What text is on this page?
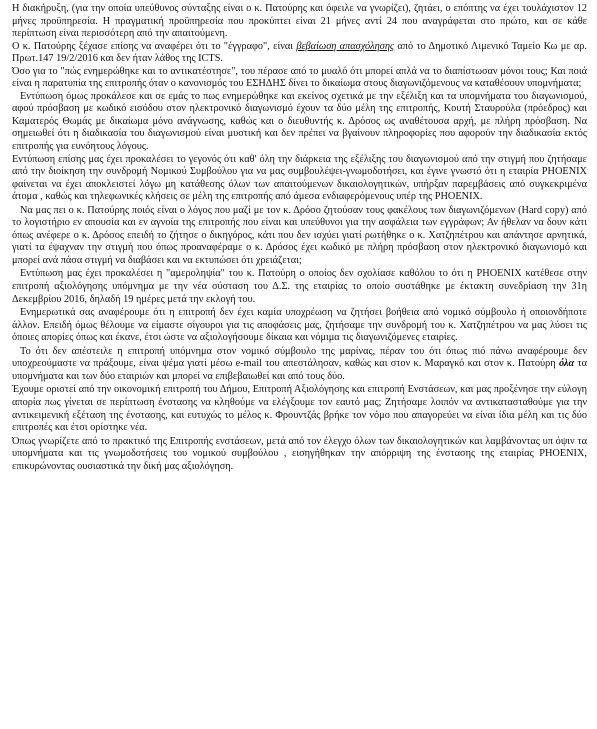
Η διακήρυξη, (για την οποία υπεύθυνος σύνταξης είναι ο κ. Πατούρης και όφειλε να γνωρίζει), ζητάει, ο επόπτης να έχει τουλάχιστον 12 μήνες προϋπηρεσία. Η πραγματική προϋπηρεσία που προκύπτει είναι 21 μήνες αντί 24 που αναγράφεται στο πρώτο, και σε κάθε περίπτωση είναι περισσότερη από την απαιτούμενη.

Ο κ. Πατούρης ξέχασε επίσης να αναφέρει ότι το "έγγραφο", είναι βεβαίωση απασχόλησης από το Δημοτικό Λιμενικό Ταμείο Κω με αρ. Πρωτ.147 19/2/2016 και δεν ήταν λάθος της ICTS.

Όσο για το "πώς ενημερώθηκε και το αντικατέστησε", του πέρασε από το μυαλό ότι μπορεί απλά να το διαπίστωσαν μόνοι τους; Και ποιά είναι η παρατυπία της επιτροπής όταν ο κανονισμός του ΕΣΗΔΗΣ δίνει το δικαίωμα στους διαγωνιζόμενους να καταθέσουν υπομνήματα;

Εντύπωση όμως προκάλεσε και σε εμάς το πως ενημερώθηκε και εκείνος σχετικά με την εξέλιξη και τα υπομνήματα του διαγωνισμού, αφού πρόσβαση με κωδικό εισόδου στον ηλεκτρονικό διαγωνισμό έχουν τα δύο μέλη της επιτροπής, Κουτή Σταυρούλα (πρόεδρος) και Καματερός Θωμάς με δικαίωμα μόνο ανάγνωσης, καθώς και ο διευθυντής κ. Δρόσος ως αναθέτουσα αρχή, με πλήρη πρόσβαση. Να σημειωθεί ότι η διαδικασία του διαγωνισμού είναι μυστική και δεν πρέπει να βγαίνουν πληροφορίες που αφορούν την διαδικασία εκτός επιτροπής για ευνόητους λόγους.

Εντύπωση επίσης μας έχει προκαλέσει το γεγονός ότι καθ' όλη την διάρκεια της εξέλιξης του διαγωνισμού από την στιγμή που ζητήσαμε από την διοίκηση την συνδρομή Νομικού Συμβούλου για να μας συμβουλέψει-γνωμοδοτήσει, και έγινε γνωστό ότι η εταιρία PHOENIX φαίνεται να έχει αποκλειστεί λόγω μη κατάθεσης όλων των απαιτούμενων δικαιολογητικών, υπήρξαν παρεμβάσεις από συγκεκριμένα άτομα , καθώς και τηλεφωνικές κλήσεις σε μέλη της επιτροπής από άμεσα ενδιαφερόμενους υπέρ της PHOENIX.

Να μας πει ο κ. Πατούρης ποιός είναι ο λόγος που μαζί με τον κ. Δρόσο ζητούσαν τους φακέλους των διαγωνιζόμενων (Hard copy) από το λογιστήριο εν απουσία και εν αγνοία της επιτροπής που είναι και υπεύθυνοι για την ασφάλεια των εγγράφων; Αν ήθελαν να δουν κάτι όπως ανέφερε ο κ. Δρόσος επειδή το ζήτησε ο δικηγόρος, κάτι που δεν ισχύει γιατί ρωτήθηκε ο κ. Χατζηπέτρου και απάντησε αρνητικά, γιατί τα έψαχναν την στιγμή που όπως προαναφέραμε ο κ. Δρόσος έχει κωδικό με πλήρη πρόσβαση στον ηλεκτρονικό διαγωνισμό και μπορεί ανά πάσα στιγμή να διαβάσει και να εκτυπώσει ότι χρειάζεται;

Εντύπωση μας έχει προκαλέσει η "αμεροληψία" του κ. Πατούρη ο οποίος δεν σχολίασε καθόλου το ότι η PHOENIX κατέθεσε στην επιτροπή αξιολόγησης υπόμνημα με την νέα σύσταση του Δ.Σ. της εταιρίας το οποίο συστάθηκε με έκτακτη συνεδρίαση την 31η Δεκεμβρίου 2016, δηλαδή 19 ημέρες μετά την εκλογή του.

Ενημερωτικά σας αναφέρουμε ότι η επιτροπή δεν έχει καμία υποχρέωση να ζητήσει βοήθεια από νομικό σύμβουλο ή οποιονδήποτε άλλον. Επειδή όμως θέλουμε να είμαστε σίγουροι για τις αποφάσεις μας, ζητήσαμε την συνδρομή του κ. Χατζηπέτρου να μας λύσει τις όποιες απορίες όπως και έκανε, έτσι ώστε να αξιολογήσουμε δίκαια και νόμιμα τις διαγωνιζόμενες εταιρίες.

Το ότι δεν απέστειλε η επιτροπή υπόμνημα στον νομικό σύμβουλο της μαρίνας, πέραν του ότι όπως πιό πάνω αναφέρουμε δεν υποχρεούμαστε να πράξουμε, είναι ψέμα γιατί μέσω e-mail του απεστάλησαν, καθώς και στον κ. Μαραγκό και στον κ. Πατούρη όλα τα υπομνήματα και των δύο εταιριών και μπορεί να επιβεβαιωθεί και από τους δύο.

Έχουμε οριστεί από την οικονομική επιτροπή του Δήμου, Επιτροπή Αξιολόγησης και επιτροπή Ενστάσεων, και μας προξένησε την εύλογη απορία πως γίνεται σε περίπτωση ένστασης να κληθούμε να ελέγξουμε τον εαυτό μας; Ζητήσαμε λοιπόν να αντικατασταθούμε για την αντικειμενική εξέταση της ένστασης, και ευτυχώς το μέλος κ. Φρουντζάς βρήκε τον νόμο που απαγορεύει να είναι ίδια μέλη και τις δύο επιτροπές και έτσι ορίστηκε νέα.

Όπως γνωρίζετε από το πρακτικό της Επιτροπής ενστάσεων, μετά από τον έλεγχο όλων των δικαιολογητικών και λαμβάνοντας υπ όψιν τα υπομνήματα και τις γνωμοδοτήσεις του νομικού συμβούλου , εισηγήθηκαν την απόρριψη της ένστασης της εταιρίας PHOENIX, επικυρώνοντας ουσιαστικά την δική μας αξιολόγηση.
